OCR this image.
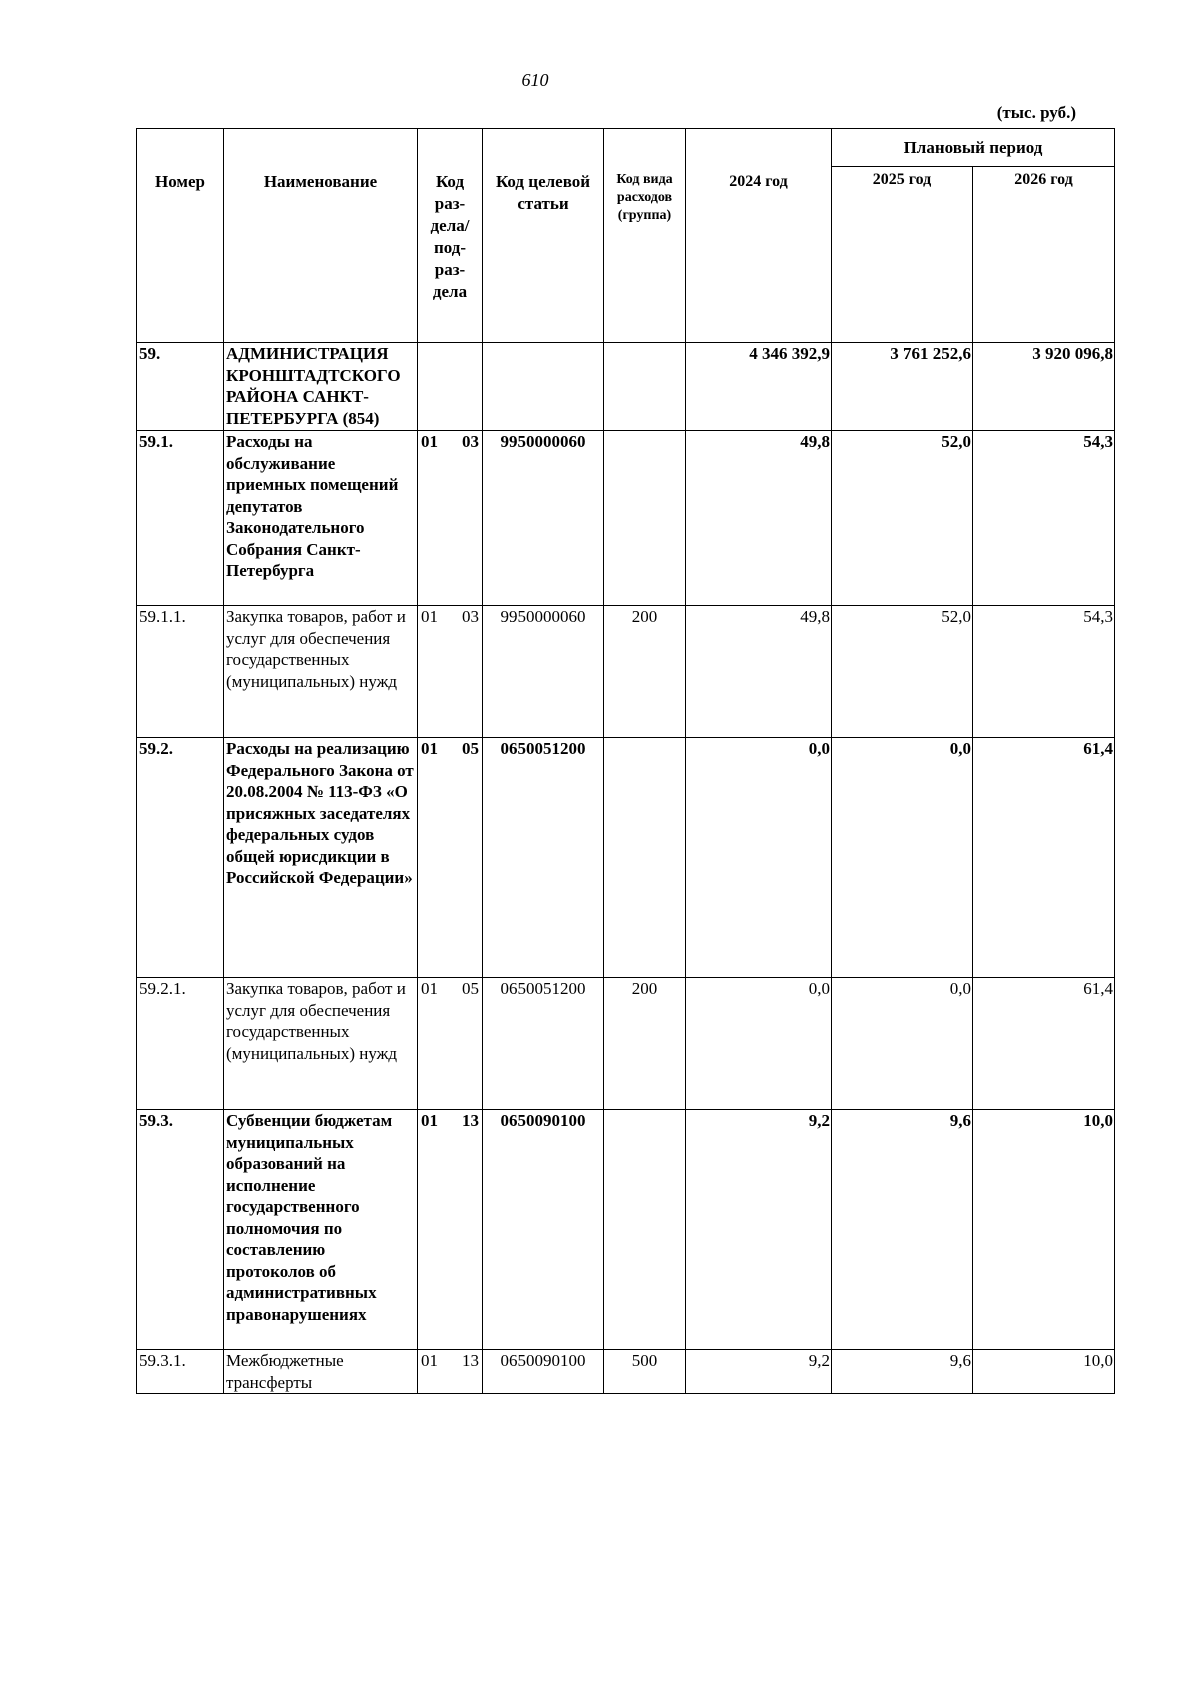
610
(тыс. руб.)
Номер	Наименование	Код раз-дела/ под-раз-дела	Код целевой статьи	Код вида расходов (группа)	2024 год	Плановый период	
						2025 год	2026 год
59.	АДМИНИСТРАЦИЯ КРОНШТАДТСКОГО РАЙОНА САНКТ-ПЕТЕРБУРГА (854)				4 346 392,9	3 761 252,6	3 920 096,8
59.1.	Расходы на обслуживание приемных помещений депутатов Законодательного Собрания Санкт-Петербурга	01 03	9950000060		49,8	52,0	54,3
59.1.1.	Закупка товаров, работ и услуг для обеспечения государственных (муниципальных) нужд	01 03	9950000060	200	49,8	52,0	54,3
59.2.	Расходы на реализацию Федерального Закона от 20.08.2004 № 113-ФЗ «О присяжных заседателях федеральных судов общей юрисдикции в Российской Федерации»	01 05	0650051200		0,0	0,0	61,4
59.2.1.	Закупка товаров, работ и услуг для обеспечения государственных (муниципальных) нужд	01 05	0650051200	200	0,0	0,0	61,4
59.3.	Субвенции бюджетам муниципальных образований на исполнение государственного полномочия по составлению протоколов об административных правонарушениях	01 13	0650090100		9,2	9,6	10,0
59.3.1.	Межбюджетные трансферты	01 13	0650090100	500	9,2	9,6	10,0
